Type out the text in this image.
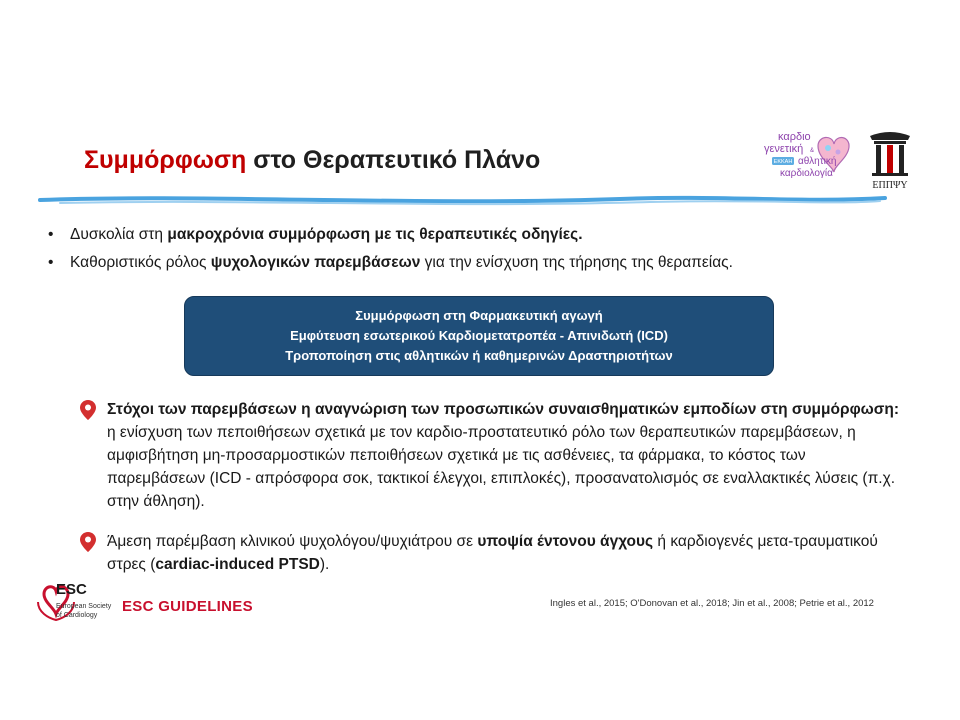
Συμμόρφωση στο Θεραπευτικό Πλάνο
καρδιο
γενετική &
ΕΚΚΑΗ αθλητική
καρδιολογία
ΕΠΠΨΥ
• Δυσκολία στη μακροχρόνια συμμόρφωση με τις θεραπευτικές οδηγίες.
• Καθοριστικός ρόλος ψυχολογικών παρεμβάσεων για την ενίσχυση της τήρησης της θεραπείας.
Συμμόρφωση στη Φαρμακευτική αγωγή
Εμφύτευση εσωτερικού Καρδιομετατροπέα - Απινιδωτή (ICD)
Τροποποίηση στις αθλητικών ή καθημερινών Δραστηριοτήτων
Στόχοι των παρεμβάσεων η αναγνώριση των προσωπικών συναισθηματικών εμποδίων στη συμμόρφωση: η ενίσχυση των πεποιθήσεων σχετικά με τον καρδιο-προστατευτικό ρόλο των θεραπευτικών παρεμβάσεων, η αμφισβήτηση μη-προσαρμοστικών πεποιθήσεων σχετικά με τις ασθένειες, τα φάρμακα, το κόστος των παρεμβάσεων (ICD - απρόσφορα σοκ, τακτικοί έλεγχοι, επιπλοκές), προσανατολισμός σε εναλλακτικές λύσεις (π.χ. στην άθληση).
Άμεση παρέμβαση κλινικού ψυχολόγου/ψυχιάτρου σε υποψία έντονου άγχους ή καρδιογενές μετα-τραυματικού στρες (cardiac-induced PTSD).
ESC
European Society
of Cardiology
ESC GUIDELINES	Ingles et al., 2015; O'Donovan et al., 2018; Jin et al., 2008; Petrie et al., 2012
